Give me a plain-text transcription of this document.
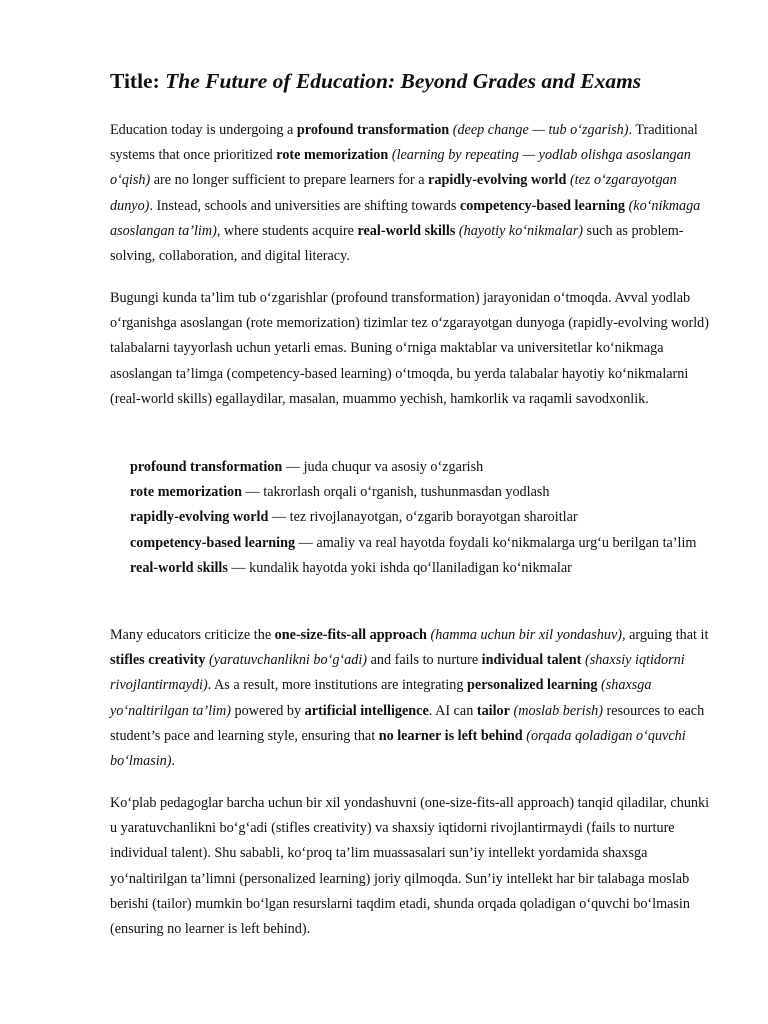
Title: The Future of Education: Beyond Grades and Exams

Education today is undergoing a profound transformation (deep change — tub o‘zgarish). Traditional systems that once prioritized rote memorization (learning by repeating — yodlab olishga asoslangan o‘qish) are no longer sufficient to prepare learners for a rapidly-evolving world (tez o‘zgarayotgan dunyo). Instead, schools and universities are shifting towards competency-based learning (ko‘nikmaga asoslangan ta’lim), where students acquire real-world skills (hayotiy ko‘nikmalar) such as problem-solving, collaboration, and digital literacy.

Bugungi kunda ta’lim tub o‘zgarishlar (profound transformation) jarayonidan o‘tmoqda. Avval yodlab o‘rganishga asoslangan (rote memorization) tizimlar tez o‘zgarayotgan dunyoga (rapidly-evolving world) talabalarni tayyorlash uchun yetarli emas. Buning o‘rniga maktablar va universitetlar ko‘nikmaga asoslangan ta’limga (competency-based learning) o‘tmoqda, bu yerda talabalar hayotiy ko‘nikmalarni (real-world skills) egallaydilar, masalan, muammo yechish, hamkorlik va raqamli savodxonlik.

profound transformation — juda chuqur va asosiy o‘zgarish
rote memorization — takrorlash orqali o‘rganish, tushunmasdan yodlash
rapidly-evolving world — tez rivojlanayotgan, o‘zgarib borayotgan sharoitlar
competency-based learning — amaliy va real hayotda foydali ko‘nikmalarga urg‘u berilgan ta’lim
real-world skills — kundalik hayotda yoki ishda qo‘llaniladigan ko‘nikmalar

Many educators criticize the one-size-fits-all approach (hamma uchun bir xil yondashuv), arguing that it stifles creativity (yaratuvchanlikni bo‘g‘adi) and fails to nurture individual talent (shaxsiy iqtidorni rivojlantirmaydi). As a result, more institutions are integrating personalized learning (shaxsga yo‘naltirilgan ta’lim) powered by artificial intelligence. AI can tailor (moslab berish) resources to each student’s pace and learning style, ensuring that no learner is left behind (orqada qoladigan o‘quvchi bo‘lmasin).

Ko‘plab pedagoglar barcha uchun bir xil yondashuvni (one-size-fits-all approach) tanqid qiladilar, chunki u yaratuvchanlikni bo‘g‘adi (stifles creativity) va shaxsiy iqtidorni rivojlantirmaydi (fails to nurture individual talent). Shu sababli, ko‘proq ta’lim muassasalari sun’iy intellekt yordamida shaxsga yo‘naltirilgan ta’limni (personalized learning) joriy qilmoqda. Sun’iy intellekt har bir talabaga moslab berishi (tailor) mumkin bo‘lgan resurslarni taqdim etadi, shunda orqada qoladigan o‘quvchi bo‘lmasin (ensuring no learner is left behind).
